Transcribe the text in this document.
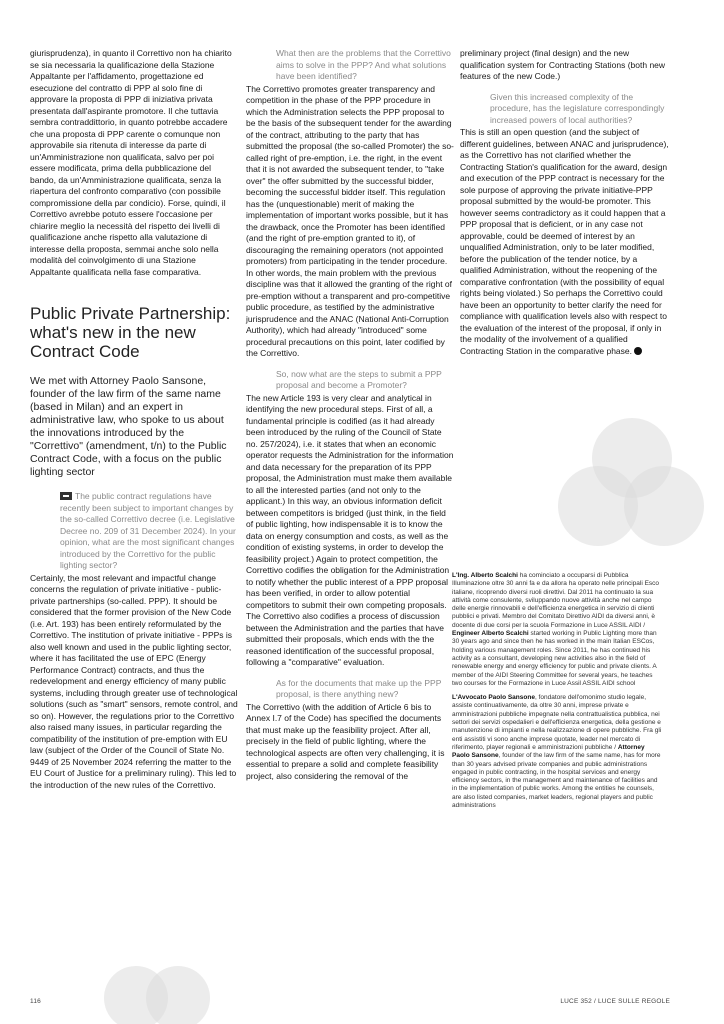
giurisprudenza), in quanto il Correttivo non ha chiarito se sia necessaria la qualificazione della Stazione Appaltante per l'affidamento, progettazione ed esecuzione del contratto di PPP al solo fine di approvare la proposta di PPP di iniziativa privata presentata dall'aspirante promotore. Il che tuttavia sembra contraddittorio, in quanto potrebbe accadere che una proposta di PPP carente o comunque non approvabile sia ritenuta di interesse da parte di un'Amministrazione non qualificata, salvo per poi essere modificata, prima della pubblicazione del bando, da un'Amministrazione qualificata, senza la riapertura del confronto comparativo (con possibile compromissione della par condicio). Forse, quindi, il Correttivo avrebbe potuto essere l'occasione per chiarire meglio la necessità del rispetto dei livelli di qualificazione anche rispetto alla valutazione di interesse della proposta, semmai anche solo nella modalità del coinvolgimento di una Stazione Appaltante qualificata nella fase comparativa.

Public Private Partnership: what's new in the new Contract Code
We met with Attorney Paolo Sansone, founder of the law firm of the same name (based in Milan) and an expert in administrative law, who spoke to us about the innovations introduced by the "Correttivo" (amendment, t/n) to the Public Contract Code, with a focus on the public lighting sector
The public contract regulations have recently been subject to important changes by the so-called Correttivo decree (i.e. Legislative Decree no. 209 of 31 December 2024). In your opinion, what are the most significant changes introduced by the Correttivo for the public lighting sector?

Certainly, the most relevant and impactful change concerns the regulation of private initiative - public-private partnerships (so-called. PPP). It should be considered that the former provision of the New Code (i.e. Art. 193) has been entirely reformulated by the Correttivo. The institution of private initiative - PPPs is also well known and used in the public lighting sector, where it has facilitated the use of EPC (Energy Performance Contract) contracts, and thus the redevelopment and energy efficiency of many public systems, including through greater use of technological solutions (such as "smart" sensors, remote control, and so on). However, the regulations prior to the Correttivo also raised many issues, in particular regarding the compatibility of the institution of pre-emption with EU law (subject of the Order of the Council of State No. 9449 of 25 November 2024 referring the matter to the EU Court of Justice for a preliminary ruling). This led to the introduction of the new rules of the Correttivo.

What then are the problems that the Correttivo aims to solve in the PPP? And what solutions have been identified?

The Correttivo promotes greater transparency and competition in the phase of the PPP procedure in which the Administration selects the PPP proposal to be the basis of the subsequent tender for the awarding of the contract, attributing to the party that has submitted the proposal (the so-called Promoter) the so-called right of pre-emption, i.e. the right, in the event that it is not awarded the subsequent tender, to "take over" the offer submitted by the successful bidder, becoming the successful bidder itself. This regulation has the (unquestionable) merit of making the implementation of important works possible, but it has the drawback, once the Promoter has been identified (and the right of pre-emption granted to it), of discouraging the remaining operators (not appointed promoters) from participating in the tender procedure. In other words, the main problem with the previous discipline was that it allowed the granting of the right of pre-emption without a transparent and pro-competitive public procedure, as testified by the administrative jurisprudence and the ANAC (National Anti-Corruption Authority), which had already "introduced" some procedural precautions on this point, later codified by the Correttivo.

So, now what are the steps to submit a PPP proposal and become a Promoter?

The new Article 193 is very clear and analytical in identifying the new procedural steps. First of all, a fundamental principle is codified (as it had already been introduced by the ruling of the Council of State no. 257/2024), i.e. it states that when an economic operator requests the Administration for the information and data necessary for the preparation of its PPP proposal, the Administration must make them available to all the interested parties (and not only to the applicant.) In this way, an obvious information deficit between competitors is bridged (just think, in the field of public lighting, how indispensable it is to know the data on energy consumption and costs, as well as the condition of existing systems, in order to develop the feasibility project.) Again to protect competition, the Correttivo codifies the obligation for the Administration to notify whether the public interest of a PPP proposal has been verified, in order to allow potential competitors to submit their own competing proposals. The Correttivo also codifies a process of discussion between the Administration and the parties that have submitted their proposals, which ends with the the reasoned identification of the successful proposal, following a "comparative" evaluation.

As for the documents that make up the PPP proposal, is there anything new?

The Correttivo (with the addition of Article 6 bis to Annex I.7 of the Code) has specified the documents that must make up the feasibility project. After all, precisely in the field of public lighting, where the technological aspects are often very challenging, it is essential to prepare a solid and complete feasibility project, also considering the removal of the

preliminary project (final design) and the new qualification system for Contracting Stations (both new features of the new Code.)

Given this increased complexity of the procedure, has the legislature correspondingly increased powers of local authorities?

This is still an open question (and the subject of different guidelines, between ANAC and jurisprudence), as the Correttivo has not clarified whether the Contracting Station's qualification for the award, design and execution of the PPP contract is necessary for the sole purpose of approving the private initiative-PPP proposal submitted by the would-be promoter. This however seems contradictory as it could happen that a PPP proposal that is deficient, or in any case not approvable, could be deemed of interest by an unqualified Administration, only to be later modified, before the publication of the tender notice, by a qualified Administration, without the reopening of the comparative confrontation (with the possibility of equal rights being violated.) So perhaps the Correttivo could have been an opportunity to better clarify the need for compliance with qualification levels also with respect to the evaluation of the interest of the proposal, if only in the modality of the involvement of a qualified Contracting Station in the comparative phase.

L'Ing. Alberto Scalchi ha cominciato a occuparsi di Pubblica Illuminazione oltre 30 anni fa e da allora ha operato nelle principali Esco italiane, ricoprendo diversi ruoli direttivi. Dal 2011 ha continuato la sua attività come consulente, sviluppando nuove attività anche nel campo delle energie rinnovabili e dell'efficienza energetica in servizio di clienti pubblici e privati. Membro del Comitato Direttivo AIDI da diversi anni, è docente di due corsi per la scuola Formazione in Luce ASSIL AIDI / Engineer Alberto Scalchi started working in Public Lighting more than 30 years ago and since then he has worked in the main Italian ESCos, holding various management roles. Since 2011, he has continued his activity as a consultant, developing new activities also in the field of renewable energy and energy efficiency for public and private clients. A member of the AIDI Steering Committee for several years, he teaches two courses for the Formazione in Luce Assil ASSIL AIDI school

L'Avvocato Paolo Sansone, fondatore dell'omonimo studio legale, assiste continuativamente, da oltre 30 anni, imprese private e amministrazioni pubbliche impegnate nella contrattualistica pubblica, nei settori dei servizi ospedalieri e dell'efficienza energetica, della gestione e manutenzione di impianti e nella realizzazione di opere pubbliche. Fra gli enti assistiti vi sono anche imprese quotate, leader nel mercato di riferimento, player regionali e amministrazioni pubbliche / Attorney Paolo Sansone, founder of the law firm of the same name, has for more than 30 years advised private companies and public administrations engaged in public contracting, in the hospital services and energy efficiency sectors, in the management and maintenance of facilities and in the implementation of public works. Among the entities he counsels, are also listed companies, market leaders, regional players and public administrations

116	LUCE 352 / LUCE SULLE REGOLE
